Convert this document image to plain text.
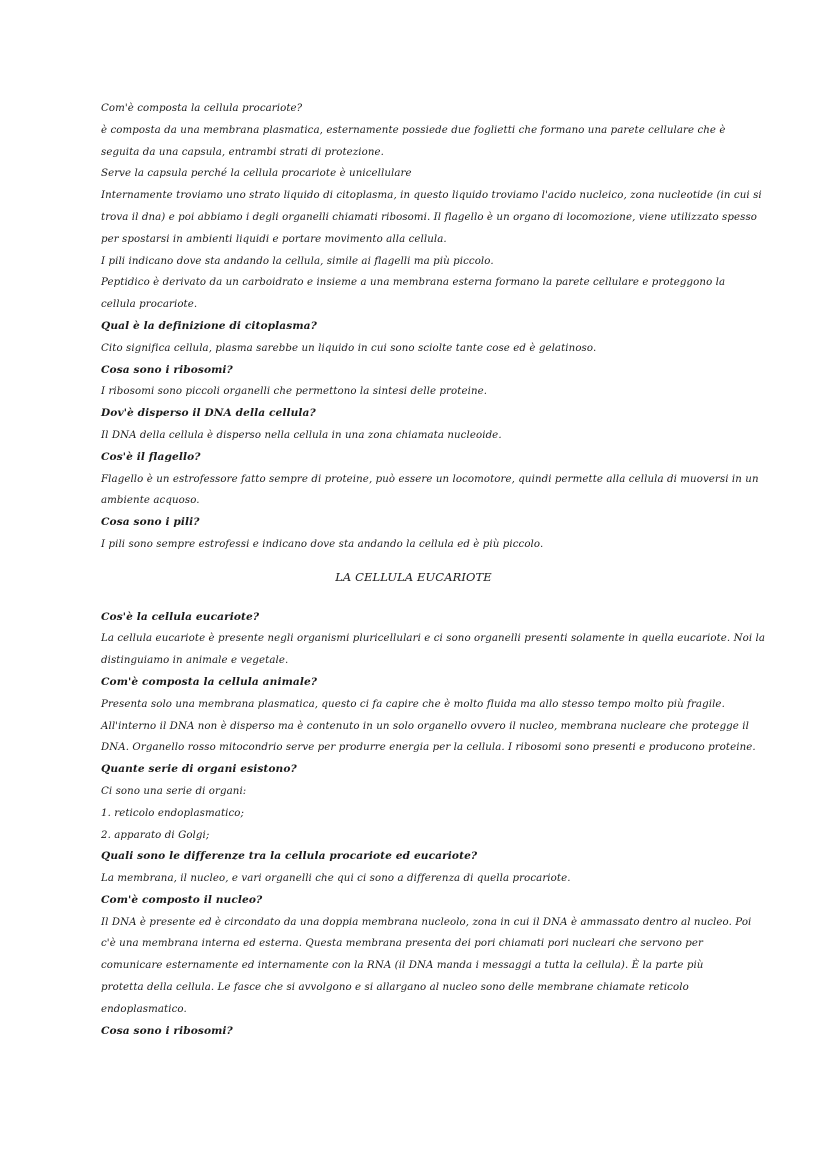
Com'è composta la cellula procariote?
è composta da una membrana plasmatica, esternamente possiede due foglietti che formano una parete cellulare che è
seguita da una capsula, entrambi strati di protezione.
Serve la capsula perché la cellula procariote è unicellulare
Internamente troviamo uno strato liquido di citoplasma, in questo liquido troviamo l'acido nucleico, zona nucleotide (in cui si
trova il dna) e poi abbiamo i degli organelli chiamati ribosomi. Il flagello è un organo di locomozione, viene utilizzato spesso
per spostarsi in ambienti liquidi e portare movimento alla cellula.
I pili indicano dove sta andando la cellula, simile ai flagelli ma più piccolo.
Peptidico è derivato da un carboidrato e insieme a una membrana esterna formano la parete cellulare e proteggono la
cellula procariote.
Qual è la definizione di citoplasma?
Cito significa cellula, plasma sarebbe un liquido in cui sono sciolte tante cose ed è gelatinoso.
Cosa sono i ribosomi?
I ribosomi sono piccoli organelli che permettono la sintesi delle proteine.
Dov'è disperso il DNA della cellula?
Il DNA della cellula è disperso nella cellula in una zona chiamata nucleoide.
Cos'è il flagello?
Flagello è un estrofessore fatto sempre di proteine, può essere un locomotore, quindi permette alla cellula di muoversi in un
ambiente acquoso.
Cosa sono i pili?
I pili sono sempre estrofessi e indicano dove sta andando la cellula ed è più piccolo.
LA CELLULA EUCARIOTE
Cos'è la cellula eucariote?
La cellula eucariote è presente negli organismi pluricellulari e ci sono organelli presenti solamente in quella eucariote. Noi la
distinguiamo in animale e vegetale.
Com'è composta la cellula animale?
Presenta solo una membrana plasmatica, questo ci fa capire che è molto fluida ma allo stesso tempo molto più fragile.
All'interno il DNA non è disperso ma è contenuto in un solo organello ovvero il nucleo, membrana nucleare che protegge il
DNA. Organello rosso mitocondrio serve per produrre energia per la cellula. I ribosomi sono presenti e producono proteine.
Quante serie di organi esistono?
Ci sono una serie di organi:
1. reticolo endoplasmatico;
2. apparato di Golgi;
Quali sono le differenze tra la cellula procariote ed eucariote?
La membrana, il nucleo, e vari organelli che qui ci sono a differenza di quella procariote.
Com'è composto il nucleo?
Il DNA è presente ed è circondato da una doppia membrana nucleolo, zona in cui il DNA è ammassato dentro al nucleo. Poi
c'è una membrana interna ed esterna. Questa membrana presenta dei pori chiamati pori nucleari che servono per
comunicare esternamente ed internamente con la RNA (il DNA manda i messaggi a tutta la cellula). È la parte più
protetta della cellula. Le fasce che si avvolgono e si allargano al nucleo sono delle membrane chiamate reticolo
endoplasmatico.
Cosa sono i ribosomi?
